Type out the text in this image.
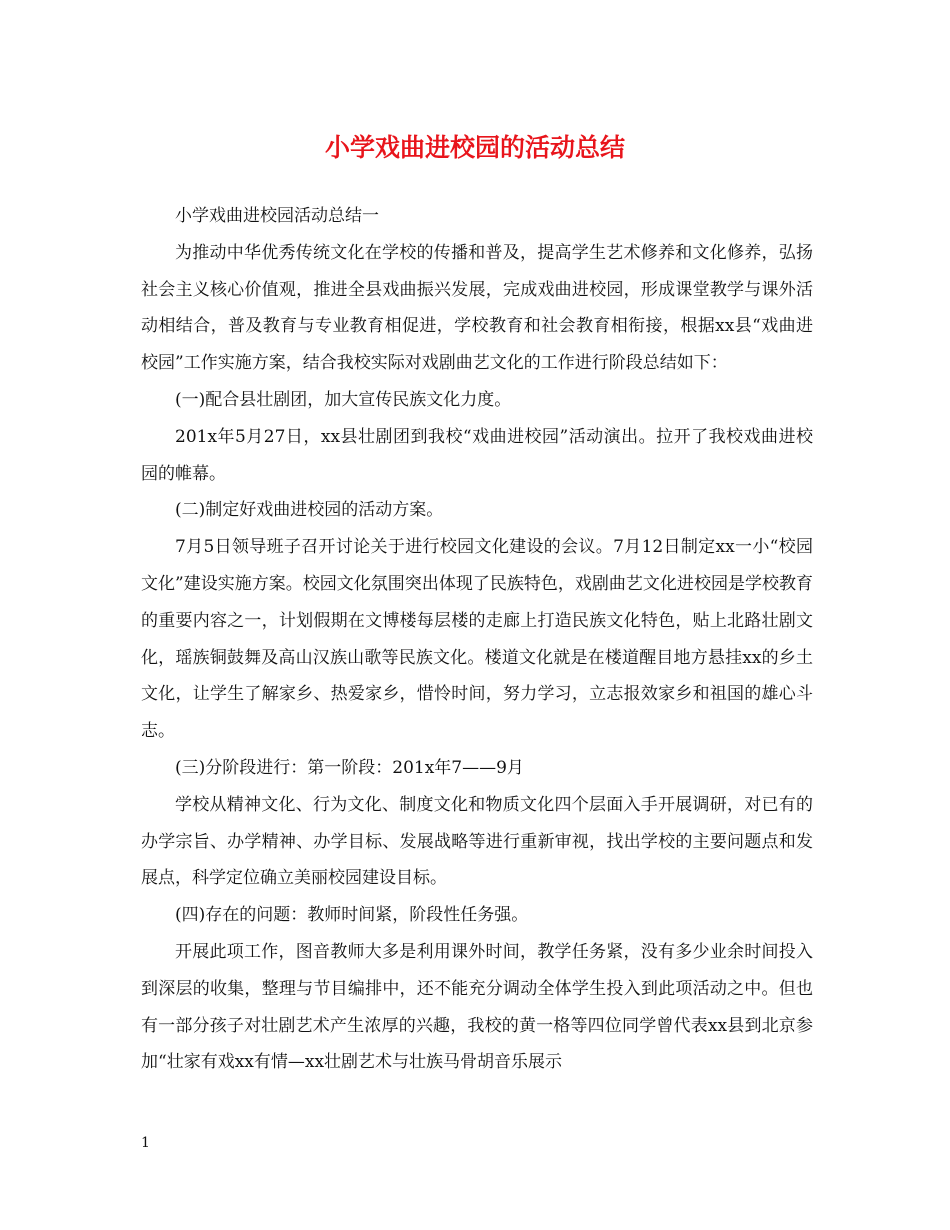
小学戏曲进校园的活动总结

小学戏曲进校园活动总结一

为推动中华优秀传统文化在学校的传播和普及，提高学生艺术修养和文化修养，弘扬社会主义核心价值观，推进全县戏曲振兴发展，完成戏曲进校园，形成课堂教学与课外活动相结合，普及教育与专业教育相促进，学校教育和社会教育相衔接，根据xx县“戏曲进校园”工作实施方案，结合我校实际对戏剧曲艺文化的工作进行阶段总结如下：

(一)配合县壮剧团，加大宣传民族文化力度。

201x年5月27日，xx县壮剧团到我校“戏曲进校园”活动演出。拉开了我校戏曲进校园的帷幕。

(二)制定好戏曲进校园的活动方案。

7月5日领导班子召开讨论关于进行校园文化建设的会议。7月12日制定xx一小“校园文化”建设实施方案。校园文化氛围突出体现了民族特色，戏剧曲艺文化进校园是学校教育的重要内容之一，计划假期在文博楼每层楼的走廊上打造民族文化特色，贴上北路壮剧文化，瑶族铜鼓舞及高山汉族山歌等民族文化。楼道文化就是在楼道醒目地方悬挂xx的乡土文化，让学生了解家乡、热爱家乡，惜怜时间，努力学习，立志报效家乡和祖国的雄心斗志。

(三)分阶段进行：第一阶段：201x年7——9月

学校从精神文化、行为文化、制度文化和物质文化四个层面入手开展调研，对已有的办学宗旨、办学精神、办学目标、发展战略等进行重新审视，找出学校的主要问题点和发展点，科学定位确立美丽校园建设目标。

(四)存在的问题：教师时间紧，阶段性任务强。

开展此项工作，图音教师大多是利用课外时间，教学任务紧，没有多少业余时间投入到深层的收集，整理与节目编排中，还不能充分调动全体学生投入到此项活动之中。但也有一部分孩子对壮剧艺术产生浓厚的兴趣，我校的黄一格等四位同学曾代表xx县到北京参加“壮家有戏xx有情—xx壮剧艺术与壮族马骨胡音乐展示

1
